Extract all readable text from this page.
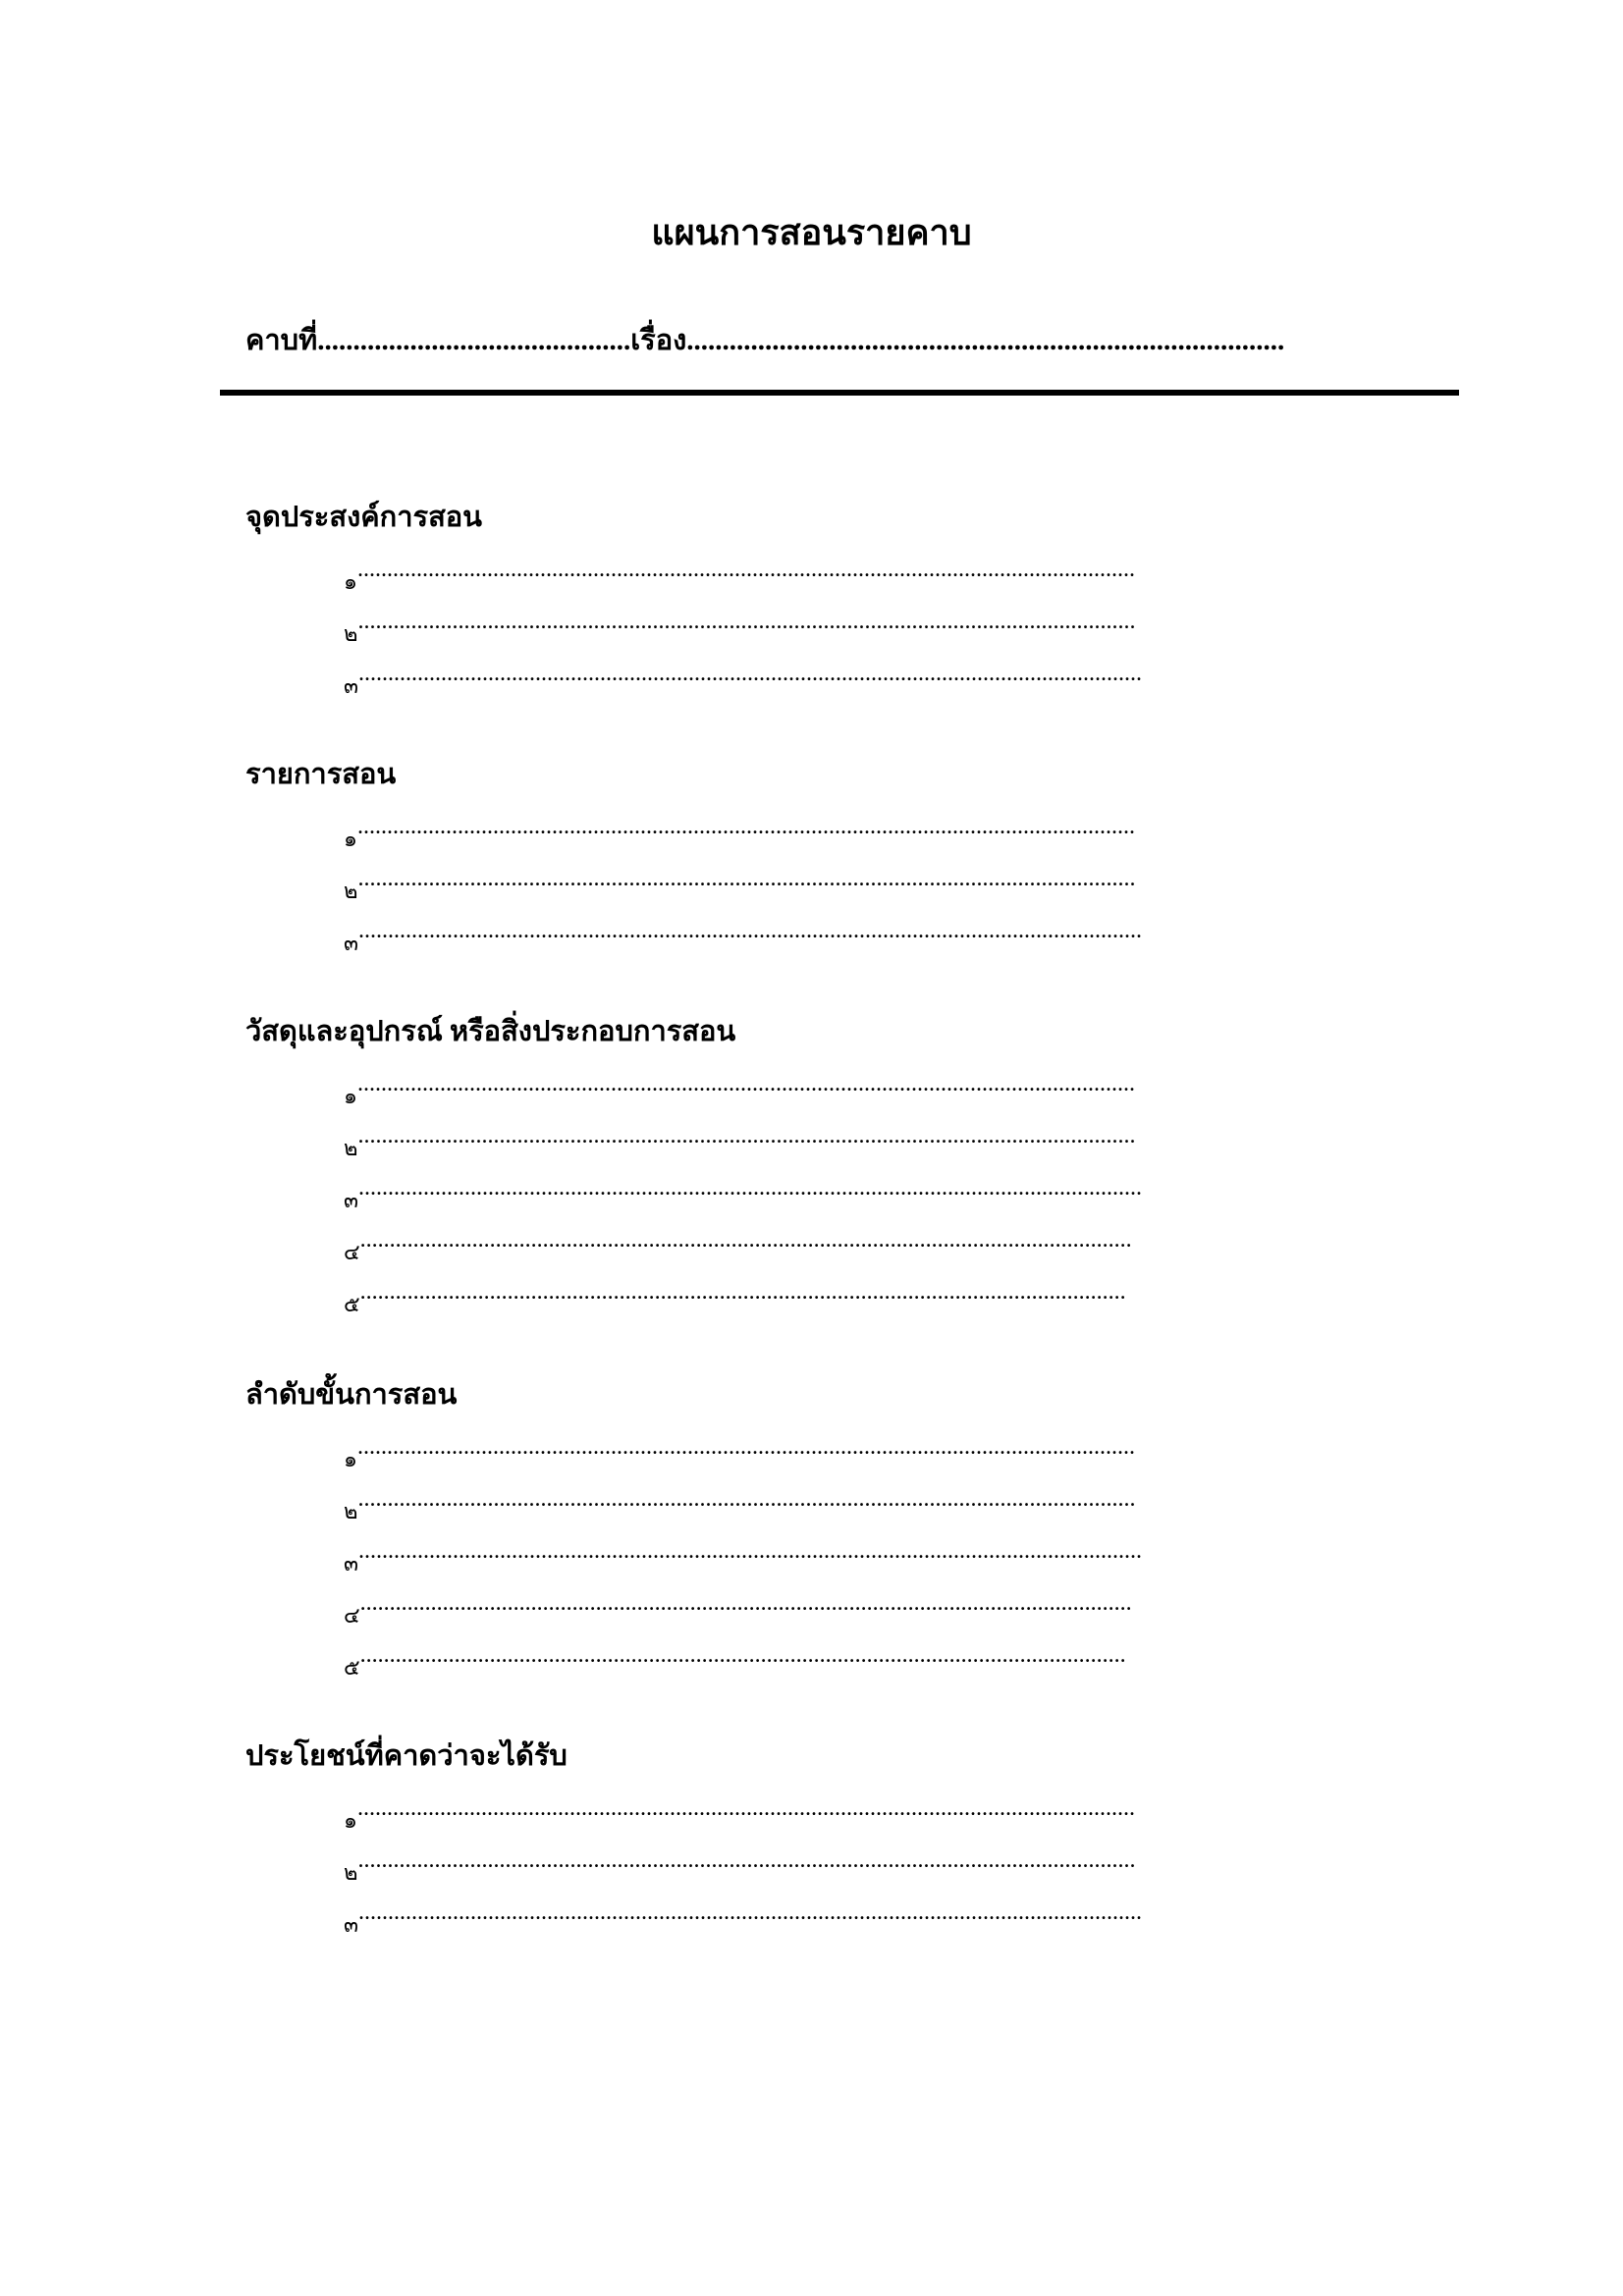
แผนการสอนรายคาบ
คาบที่............................................เรื่อง....................................................................................
จุดประสงค์การสอน
๑....................................................................................................................................
๒....................................................................................................................................
๓.....................................................................................................................................
รายการสอน
๑....................................................................................................................................
๒....................................................................................................................................
๓.....................................................................................................................................
วัสดุและอุปกรณ์ หรือสิ่งประกอบการสอน
๑....................................................................................................................................
๒....................................................................................................................................
๓.....................................................................................................................................
๔...................................................................................................................................
๕..................................................................................................................................
ลำดับขั้นการสอน
๑....................................................................................................................................
๒....................................................................................................................................
๓.....................................................................................................................................
๔...................................................................................................................................
๕..................................................................................................................................
ประโยชน์ที่คาดว่าจะได้รับ
๑....................................................................................................................................
๒....................................................................................................................................
๓.....................................................................................................................................
